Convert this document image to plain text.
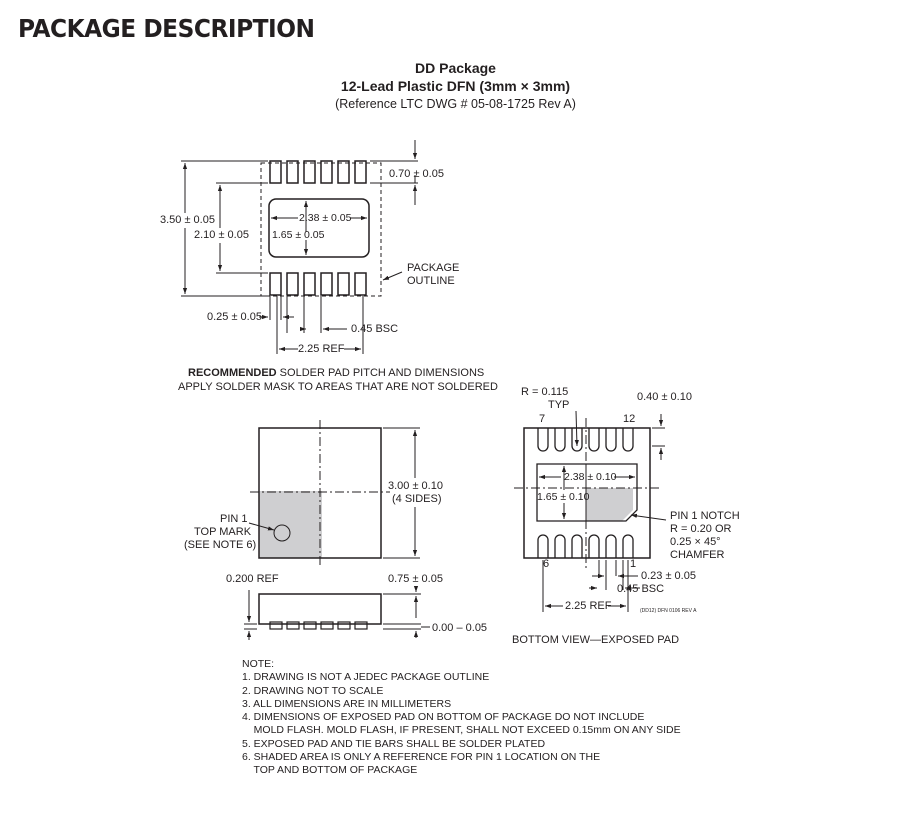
PACKAGE DESCRIPTION
DD Package
12-Lead Plastic DFN (3mm × 3mm)
(Reference LTC DWG # 05-08-1725 Rev A)
0.70 ± 0.05
3.50 ± 0.05
2.10 ± 0.05
2.38 ± 0.05
1.65 ± 0.05
PACKAGE
OUTLINE
0.25 ± 0.05
0.45 BSC
2.25 REF
RECOMMENDED SOLDER PAD PITCH AND DIMENSIONS
APPLY SOLDER MASK TO AREAS THAT ARE NOT SOLDERED
PIN 1
TOP MARK
(SEE NOTE 6)
3.00 ± 0.10
(4 SIDES)
0.200 REF	0.75 ± 0.05
0.00 – 0.05
R = 0.115
TYP
0.40 ± 0.10
7	12
2.38 ± 0.10
1.65 ± 0.10
PIN 1 NOTCH
R = 0.20 OR
0.25 × 45°
CHAMFER
6	1
0.23 ± 0.05
0.45 BSC
2.25 REF	(DD12) DFN 0106 REV A
BOTTOM VIEW—EXPOSED PAD
NOTE:
1. DRAWING IS NOT A JEDEC PACKAGE OUTLINE
2. DRAWING NOT TO SCALE
3. ALL DIMENSIONS ARE IN MILLIMETERS
4. DIMENSIONS OF EXPOSED PAD ON BOTTOM OF PACKAGE DO NOT INCLUDE
MOLD FLASH. MOLD FLASH, IF PRESENT, SHALL NOT EXCEED 0.15mm ON ANY SIDE
5. EXPOSED PAD AND TIE BARS SHALL BE SOLDER PLATED
6. SHADED AREA IS ONLY A REFERENCE FOR PIN 1 LOCATION ON THE
TOP AND BOTTOM OF PACKAGE
